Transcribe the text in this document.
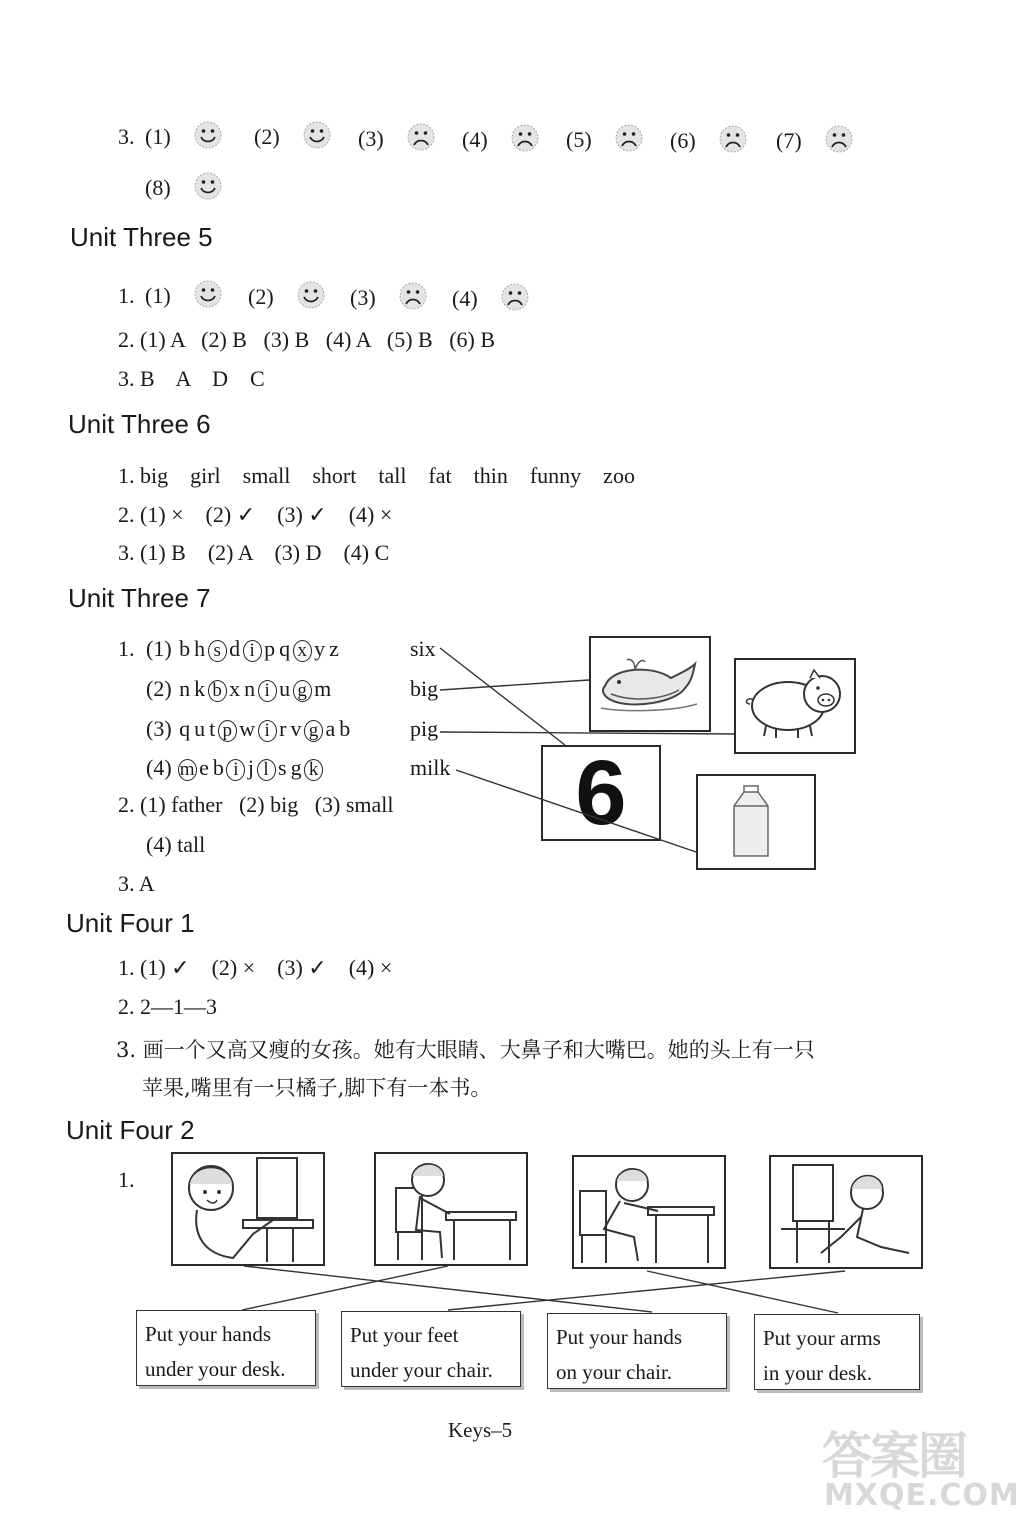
3. (1)	(2)	(3)	(4)	(5)	(6)	(7)
(8)
Unit Three 5
1. (1)	(2)	(3)	(4)
2. (1) A   (2) B   (3) B   (4) A   (5) B   (6) B
3. B    A    D    C
Unit Three 6
1. big    girl    small    short    tall    fat    thin    funny    zoo
2. (1) ×    (2) ✓    (3) ✓    (4) ×
3. (1) B    (2) A    (3) D    (4) C
Unit Three 7
1. (1) b h s d i p q x y z
(2) n k b x n i u g m
(3) q u t p w i r v g a b
(4) m e b i j l s g k
six
big
pig
milk	6
2. (1) father   (2) big   (3) small
(4) tall
3. A
Unit Four 1
1. (1) ✓    (2) ×    (3) ✓    (4) ×
2. 2—1—3
3. 画一个又高又瘦的女孩。她有大眼睛、大鼻子和大嘴巴。她的头上有一只
苹果,嘴里有一只橘子,脚下有一本书。
Unit Four 2
1.
Put your hands
under your desk.
Put your feet
under your chair.
Put your hands
on your chair.
Put your arms
in your desk.
Keys–5	答案圈
MXQE.COM
